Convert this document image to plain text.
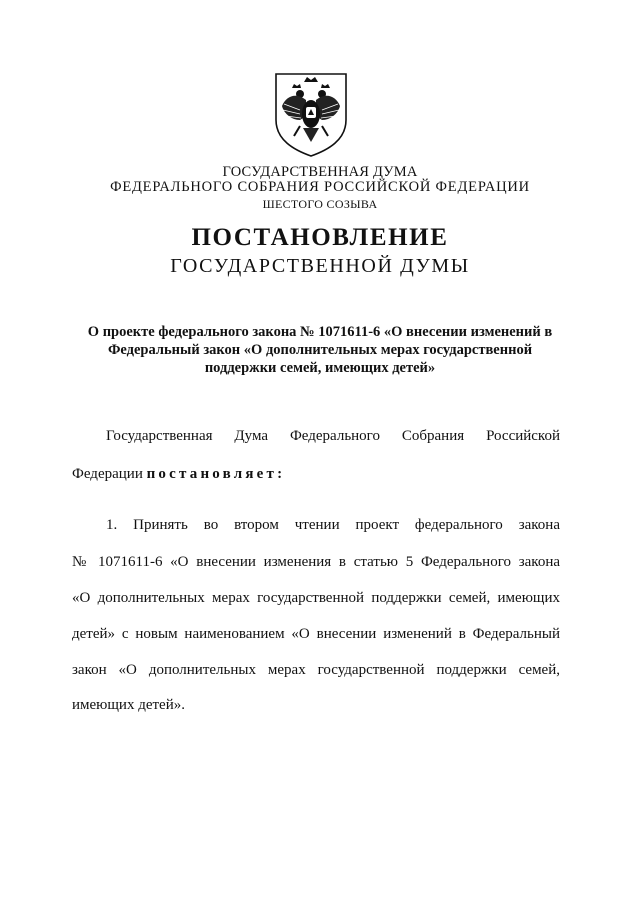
ГОСУДАРСТВЕННАЯ ДУМА
ФЕДЕРАЛЬНОГО СОБРАНИЯ РОССИЙСКОЙ ФЕДЕРАЦИИ
ШЕСТОГО СОЗЫВА
ПОСТАНОВЛЕНИЕ
ГОСУДАРСТВЕННОЙ ДУМЫ
О проекте федерального закона № 1071611-6 «О внесении изменений в
Федеральный закон «О дополнительных мерах государственной
поддержки семей, имеющих детей»
Государственная Дума Федерального Собрания Российской
Федерации постановляет:
1. Принять во втором чтении проект федерального закона
№ 1071611-6 «О внесении изменения в статью 5 Федерального закона
«О дополнительных мерах государственной поддержки семей, имеющих
детей» с новым наименованием «О внесении изменений в Федеральный
закон «О дополнительных мерах государственной поддержки семей,
имеющих детей».
